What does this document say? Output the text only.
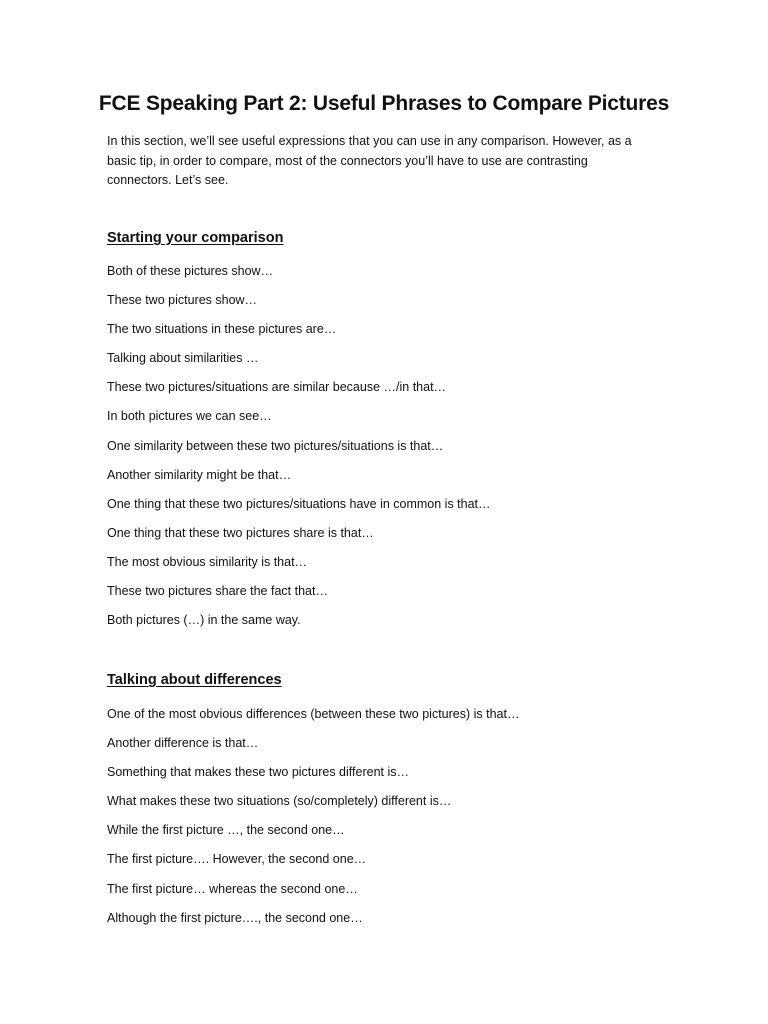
FCE Speaking Part 2: Useful Phrases to Compare Pictures

In this section, we’ll see useful expressions that you can use in any comparison. However, as a basic tip, in order to compare, most of the connectors you’ll have to use are contrasting connectors. Let’s see.

Starting your comparison
Both of these pictures show…
These two pictures show…
The two situations in these pictures are…
Talking about similarities …
These two pictures/situations are similar because …/in that…
In both pictures we can see…
One similarity between these two pictures/situations is that…
Another similarity might be that…
One thing that these two pictures/situations have in common is that…
One thing that these two pictures share is that…
The most obvious similarity is that…
These two pictures share the fact that…
Both pictures (…) in the same way.
Talking about differences
One of the most obvious differences (between these two pictures) is that…
Another difference is that…
Something that makes these two pictures different is…
What makes these two situations (so/completely) different is…
While the first picture …, the second one…
The first picture…. However, the second one…
The first picture… whereas the second one…
Although the first picture…., the second one…
